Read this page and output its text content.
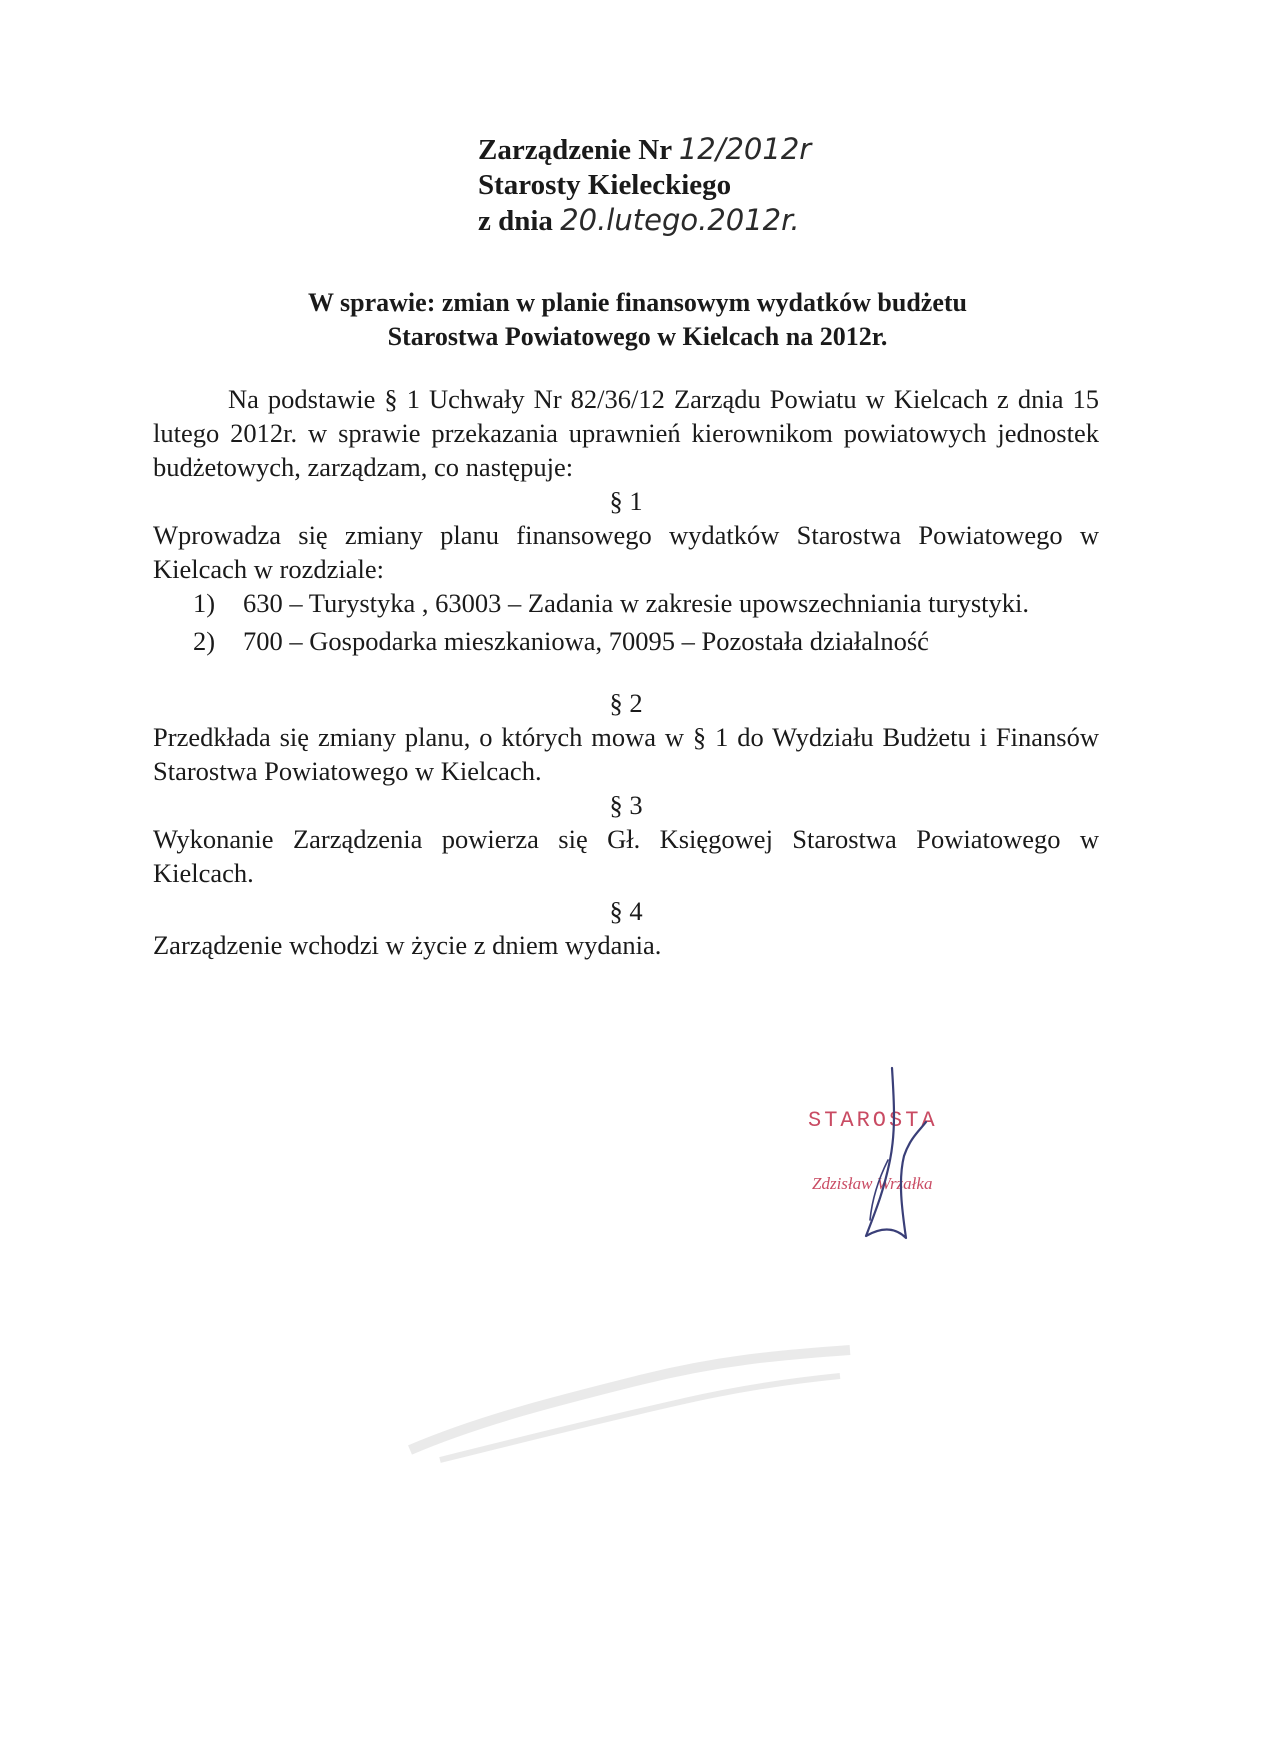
Zarządzenie Nr 12/2012r
Starosty Kieleckiego
z dnia 20.lutego.2012r.
W sprawie: zmian w planie finansowym wydatków budżetu
Starostwa Powiatowego w Kielcach na 2012r.

Na podstawie § 1 Uchwały Nr 82/36/12 Zarządu Powiatu w Kielcach z dnia 15 lutego 2012r. w sprawie przekazania uprawnień kierownikom powiatowych jednostek budżetowych, zarządzam, co następuje:

§ 1

Wprowadza się zmiany planu finansowego wydatków Starostwa Powiatowego w Kielcach w rozdziale:

1) 630 – Turystyka , 63003 – Zadania w zakresie upowszechniania turystyki.
2) 700 – Gospodarka mieszkaniowa, 70095 – Pozostała działalność

§ 2

Przedkłada się zmiany planu, o których mowa w § 1 do Wydziału Budżetu i Finansów Starostwa Powiatowego w Kielcach.

§ 3

Wykonanie Zarządzenia powierza się Gł. Księgowej Starostwa Powiatowego w Kielcach.

§ 4

Zarządzenie wchodzi w życie z dniem wydania.

STAROSTA
Zdzisław Wrzałka
